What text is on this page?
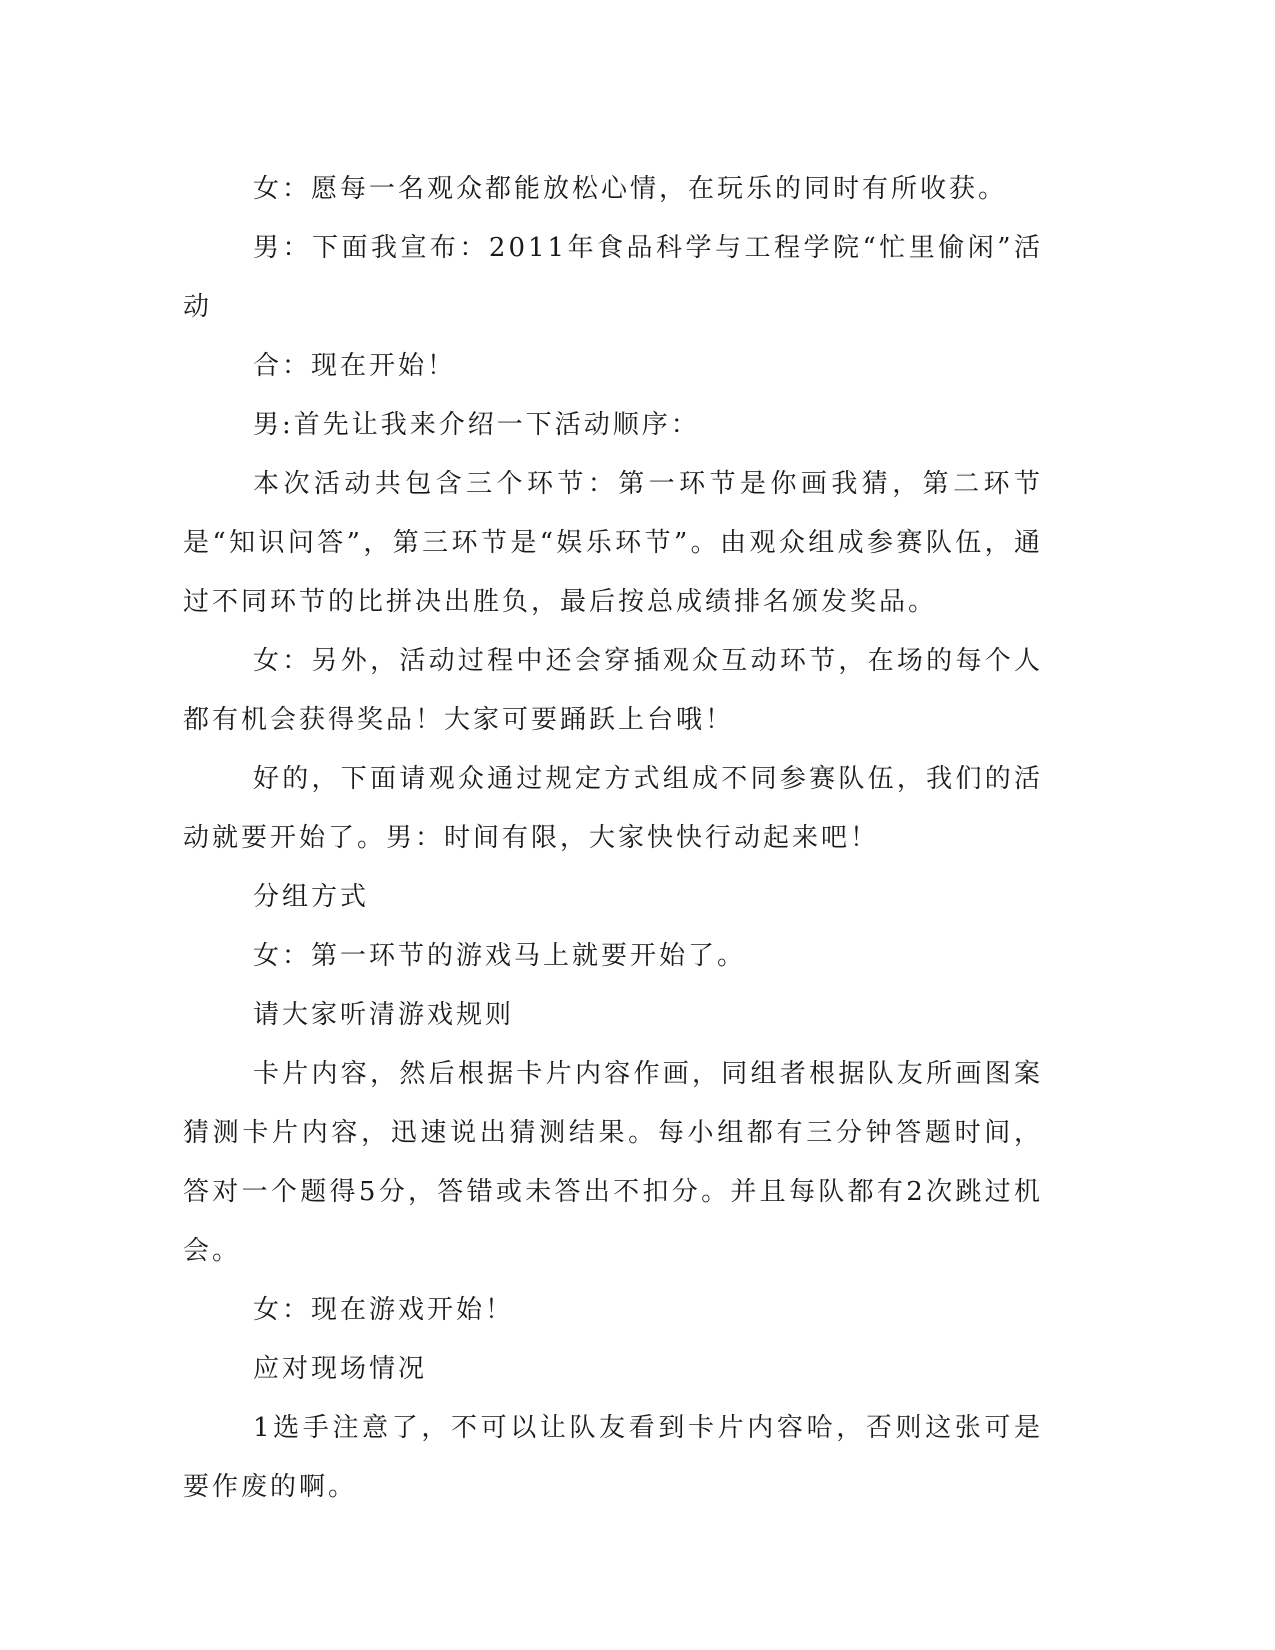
女：愿每一名观众都能放松心情，在玩乐的同时有所收获。

男：下面我宣布：2011年食品科学与工程学院“忙里偷闲”活动

合：现在开始！

男:首先让我来介绍一下活动顺序：

本次活动共包含三个环节：第一环节是你画我猜，第二环节是“知识问答”，第三环节是“娱乐环节”。由观众组成参赛队伍，通过不同环节的比拼决出胜负，最后按总成绩排名颁发奖品。

女：另外，活动过程中还会穿插观众互动环节，在场的每个人都有机会获得奖品！大家可要踊跃上台哦！

好的，下面请观众通过规定方式组成不同参赛队伍，我们的活动就要开始了。男：时间有限，大家快快行动起来吧！

分组方式

女：第一环节的游戏马上就要开始了。

请大家听清游戏规则

卡片内容，然后根据卡片内容作画，同组者根据队友所画图案猜测卡片内容，迅速说出猜测结果。每小组都有三分钟答题时间，答对一个题得5分，答错或未答出不扣分。并且每队都有2次跳过机会。

女：现在游戏开始！

应对现场情况

1选手注意了，不可以让队友看到卡片内容哈，否则这张可是要作废的啊。
